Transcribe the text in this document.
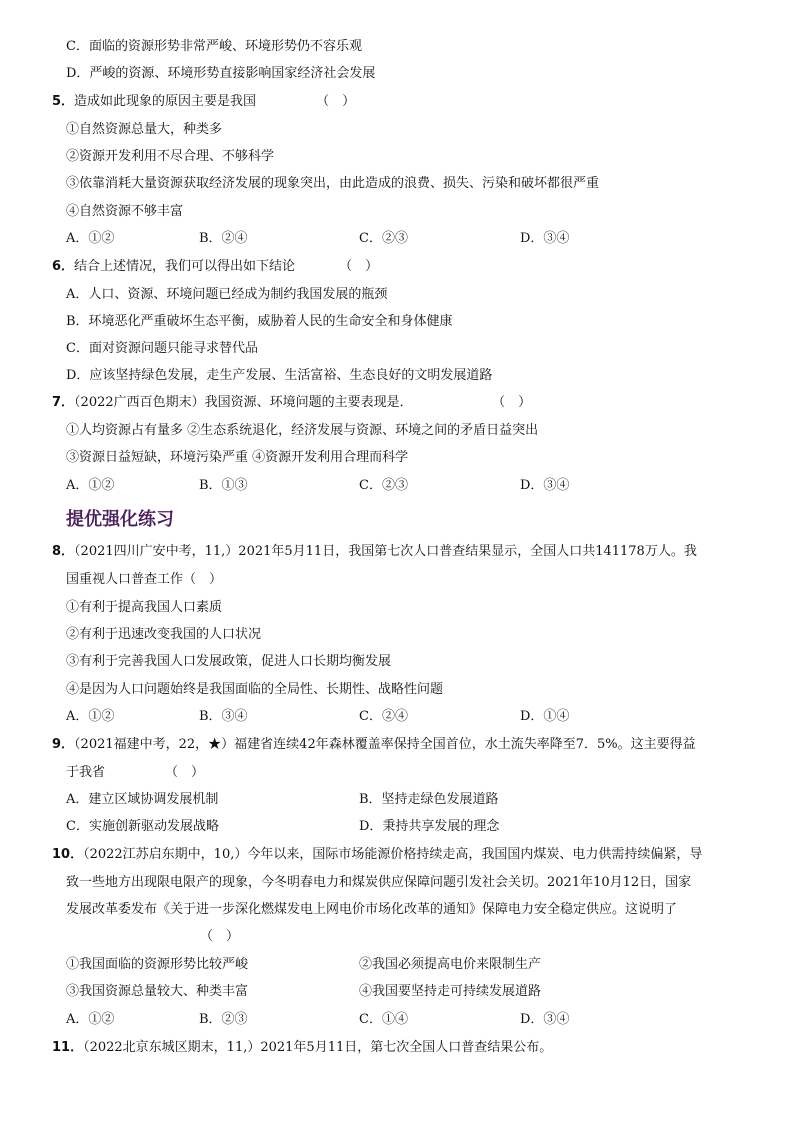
C．面临的资源形势非常严峻、环境形势仍不容乐观
D．严峻的资源、环境形势直接影响国家经济社会发展
5．造成如此现象的原因主要是我国	（　）
①自然资源总量大，种类多
②资源开发利用不尽合理、不够科学
③依靠消耗大量资源获取经济发展的现象突出，由此造成的浪费、损失、污染和破坏都很严重
④自然资源不够丰富
A．①②	B．②④	C．②③	D．③④
6．结合上述情况，我们可以得出如下结论	（　）
A．人口、资源、环境问题已经成为制约我国发展的瓶颈
B．环境恶化严重破坏生态平衡，威胁着人民的生命安全和身体健康
C．面对资源问题只能寻求替代品
D．应该坚持绿色发展，走生产发展、生活富裕、生态良好的文明发展道路
7．（2022广西百色期末）我国资源、环境问题的主要表现是．	（　）
①人均资源占有量多 ②生态系统退化，经济发展与资源、环境之间的矛盾日益突出
③资源日益短缺，环境污染严重 ④资源开发利用合理而科学
A．①②	B．①③	C．②③	D．③④
提优强化练习
8．（2021四川广安中考，11,）2021年5月11日，我国第七次人口普查结果显示，全国人口共141178万人。我
国重视人口普查工作（　）
①有利于提高我国人口素质
②有利于迅速改变我国的人口状况
③有利于完善我国人口发展政策，促进人口长期均衡发展
④是因为人口问题始终是我国面临的全局性、长期性、战略性问题
A．①②	B．③④	C．②④	D．①④
9．（2021福建中考，22，★）福建省连续42年森林覆盖率保持全国首位，水土流失率降至7．5%。这主要得益
于我省	（　）
A．建立区域协调发展机制	B．坚持走绿色发展道路
C．实施创新驱动发展战略	D．秉持共享发展的理念
10．（2022江苏启东期中，10,）今年以来，国际市场能源价格持续走高，我国国内煤炭、电力供需持续偏紧，导
致一些地方出现限电限产的现象，今冬明春电力和煤炭供应保障问题引发社会关切。2021年10月12日，国家
发展改革委发布《关于进一步深化燃煤发电上网电价市场化改革的通知》保障电力安全稳定供应。这说明了
（　）
①我国面临的资源形势比较严峻	②我国必须提高电价来限制生产
③我国资源总量较大、种类丰富	④我国要坚持走可持续发展道路
A．①②	B．②③	C．①④	D．③④
11．（2022北京东城区期末，11,）2021年5月11日，第七次全国人口普查结果公布。
